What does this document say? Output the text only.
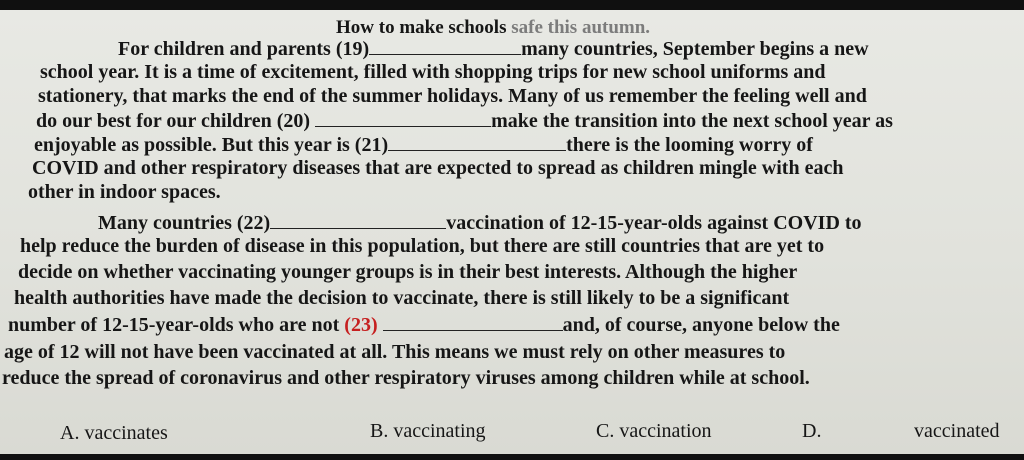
How to make schools safe this autumn.
For children and parents (19)	many countries, September begins a new
school year. It is a time of excitement, filled with shopping trips for new school uniforms and
stationery, that marks the end of the summer holidays. Many of us remember the feeling well and
do our best for our children (20)	make the transition into the next school year as
enjoyable as possible. But this year is (21)	there is the looming worry of
COVID and other respiratory diseases that are expected to spread as children mingle with each
other in indoor spaces.
Many countries (22)	vaccination of 12-15-year-olds against COVID to
help reduce the burden of disease in this population, but there are still countries that are yet to
decide on whether vaccinating younger groups is in their best interests. Although the higher
health authorities have made the decision to vaccinate, there is still likely to be a significant
number of 12-15-year-olds who are not (23)	and, of course, anyone below the
age of 12 will not have been vaccinated at all. This means we must rely on other measures to
reduce the spread of coronavirus and other respiratory viruses among children while at school.
A. vaccinates	B. vaccinating	C. vaccination	D.	vaccinated
